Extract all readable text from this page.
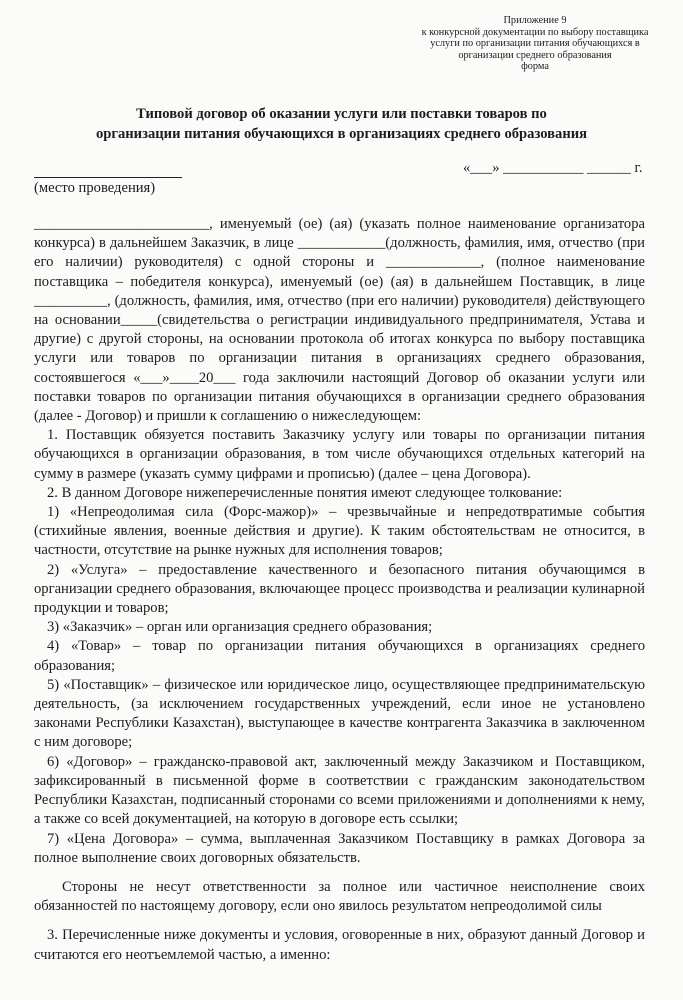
Приложение 9
к конкурсной документации по выбору поставщика
услуги по организации питания обучающихся в
организации среднего образования
форма
Типовой договор об оказании услуги или поставки товаров по
организации питания обучающихся в организациях среднего образования
(место проведения)
«___» ___________ ______ г.

________________________, именуемый (ое) (ая) (указать полное наименование организатора конкурса) в дальнейшем Заказчик, в лице ____________(должность, фамилия, имя, отчество (при его наличии) руководителя) с одной стороны и _____________, (полное наименование поставщика – победителя конкурса), именуемый (ое) (ая) в дальнейшем Поставщик, в лице __________, (должность, фамилия, имя, отчество (при его наличии) руководителя) действующего на основании_____(свидетельства о регистрации индивидуального предпринимателя, Устава и другие) с другой стороны, на основании протокола об итогах конкурса по выбору поставщика услуги или товаров по организации питания в организациях среднего образования, состоявшегося «___»____20___ года заключили настоящий Договор об оказании услуги или поставки товаров по организации питания обучающихся в организации среднего образования (далее - Договор) и пришли к соглашению о нижеследующем:

1. Поставщик обязуется поставить Заказчику услугу или товары по организации питания обучающихся в организации образования, в том числе обучающихся отдельных категорий на сумму в размере (указать сумму цифрами и прописью) (далее – цена Договора).

2. В данном Договоре нижеперечисленные понятия имеют следующее толкование:

1) «Непреодолимая сила (Форс-мажор)» – чрезвычайные и непредотвратимые события (стихийные явления, военные действия и другие). К таким обстоятельствам не относится, в частности, отсутствие на рынке нужных для исполнения товаров;

2) «Услуга» – предоставление качественного и безопасного питания обучающимся в организации среднего образования, включающее процесс производства и реализации кулинарной продукции и товаров;

3) «Заказчик» – орган или организация среднего образования;

4) «Товар» – товар по организации питания обучающихся в организациях среднего образования;

5) «Поставщик» – физическое или юридическое лицо, осуществляющее предпринимательскую деятельность, (за исключением государственных учреждений, если иное не установлено законами Республики Казахстан), выступающее в качестве контрагента Заказчика в заключенном с ним договоре;

6) «Договор» – гражданско-правовой акт, заключенный между Заказчиком и Поставщиком, зафиксированный в письменной форме в соответствии с гражданским законодательством Республики Казахстан, подписанный сторонами со всеми приложениями и дополнениями к нему, а также со всей документацией, на которую в договоре есть ссылки;

7) «Цена Договора» – сумма, выплаченная Заказчиком Поставщику в рамках Договора за полное выполнение своих договорных обязательств.

Стороны не несут ответственности за полное или частичное неисполнение своих обязанностей по настоящему договору, если оно явилось результатом непреодолимой силы

3. Перечисленные ниже документы и условия, оговоренные в них, образуют данный Договор и считаются его неотъемлемой частью, а именно:
